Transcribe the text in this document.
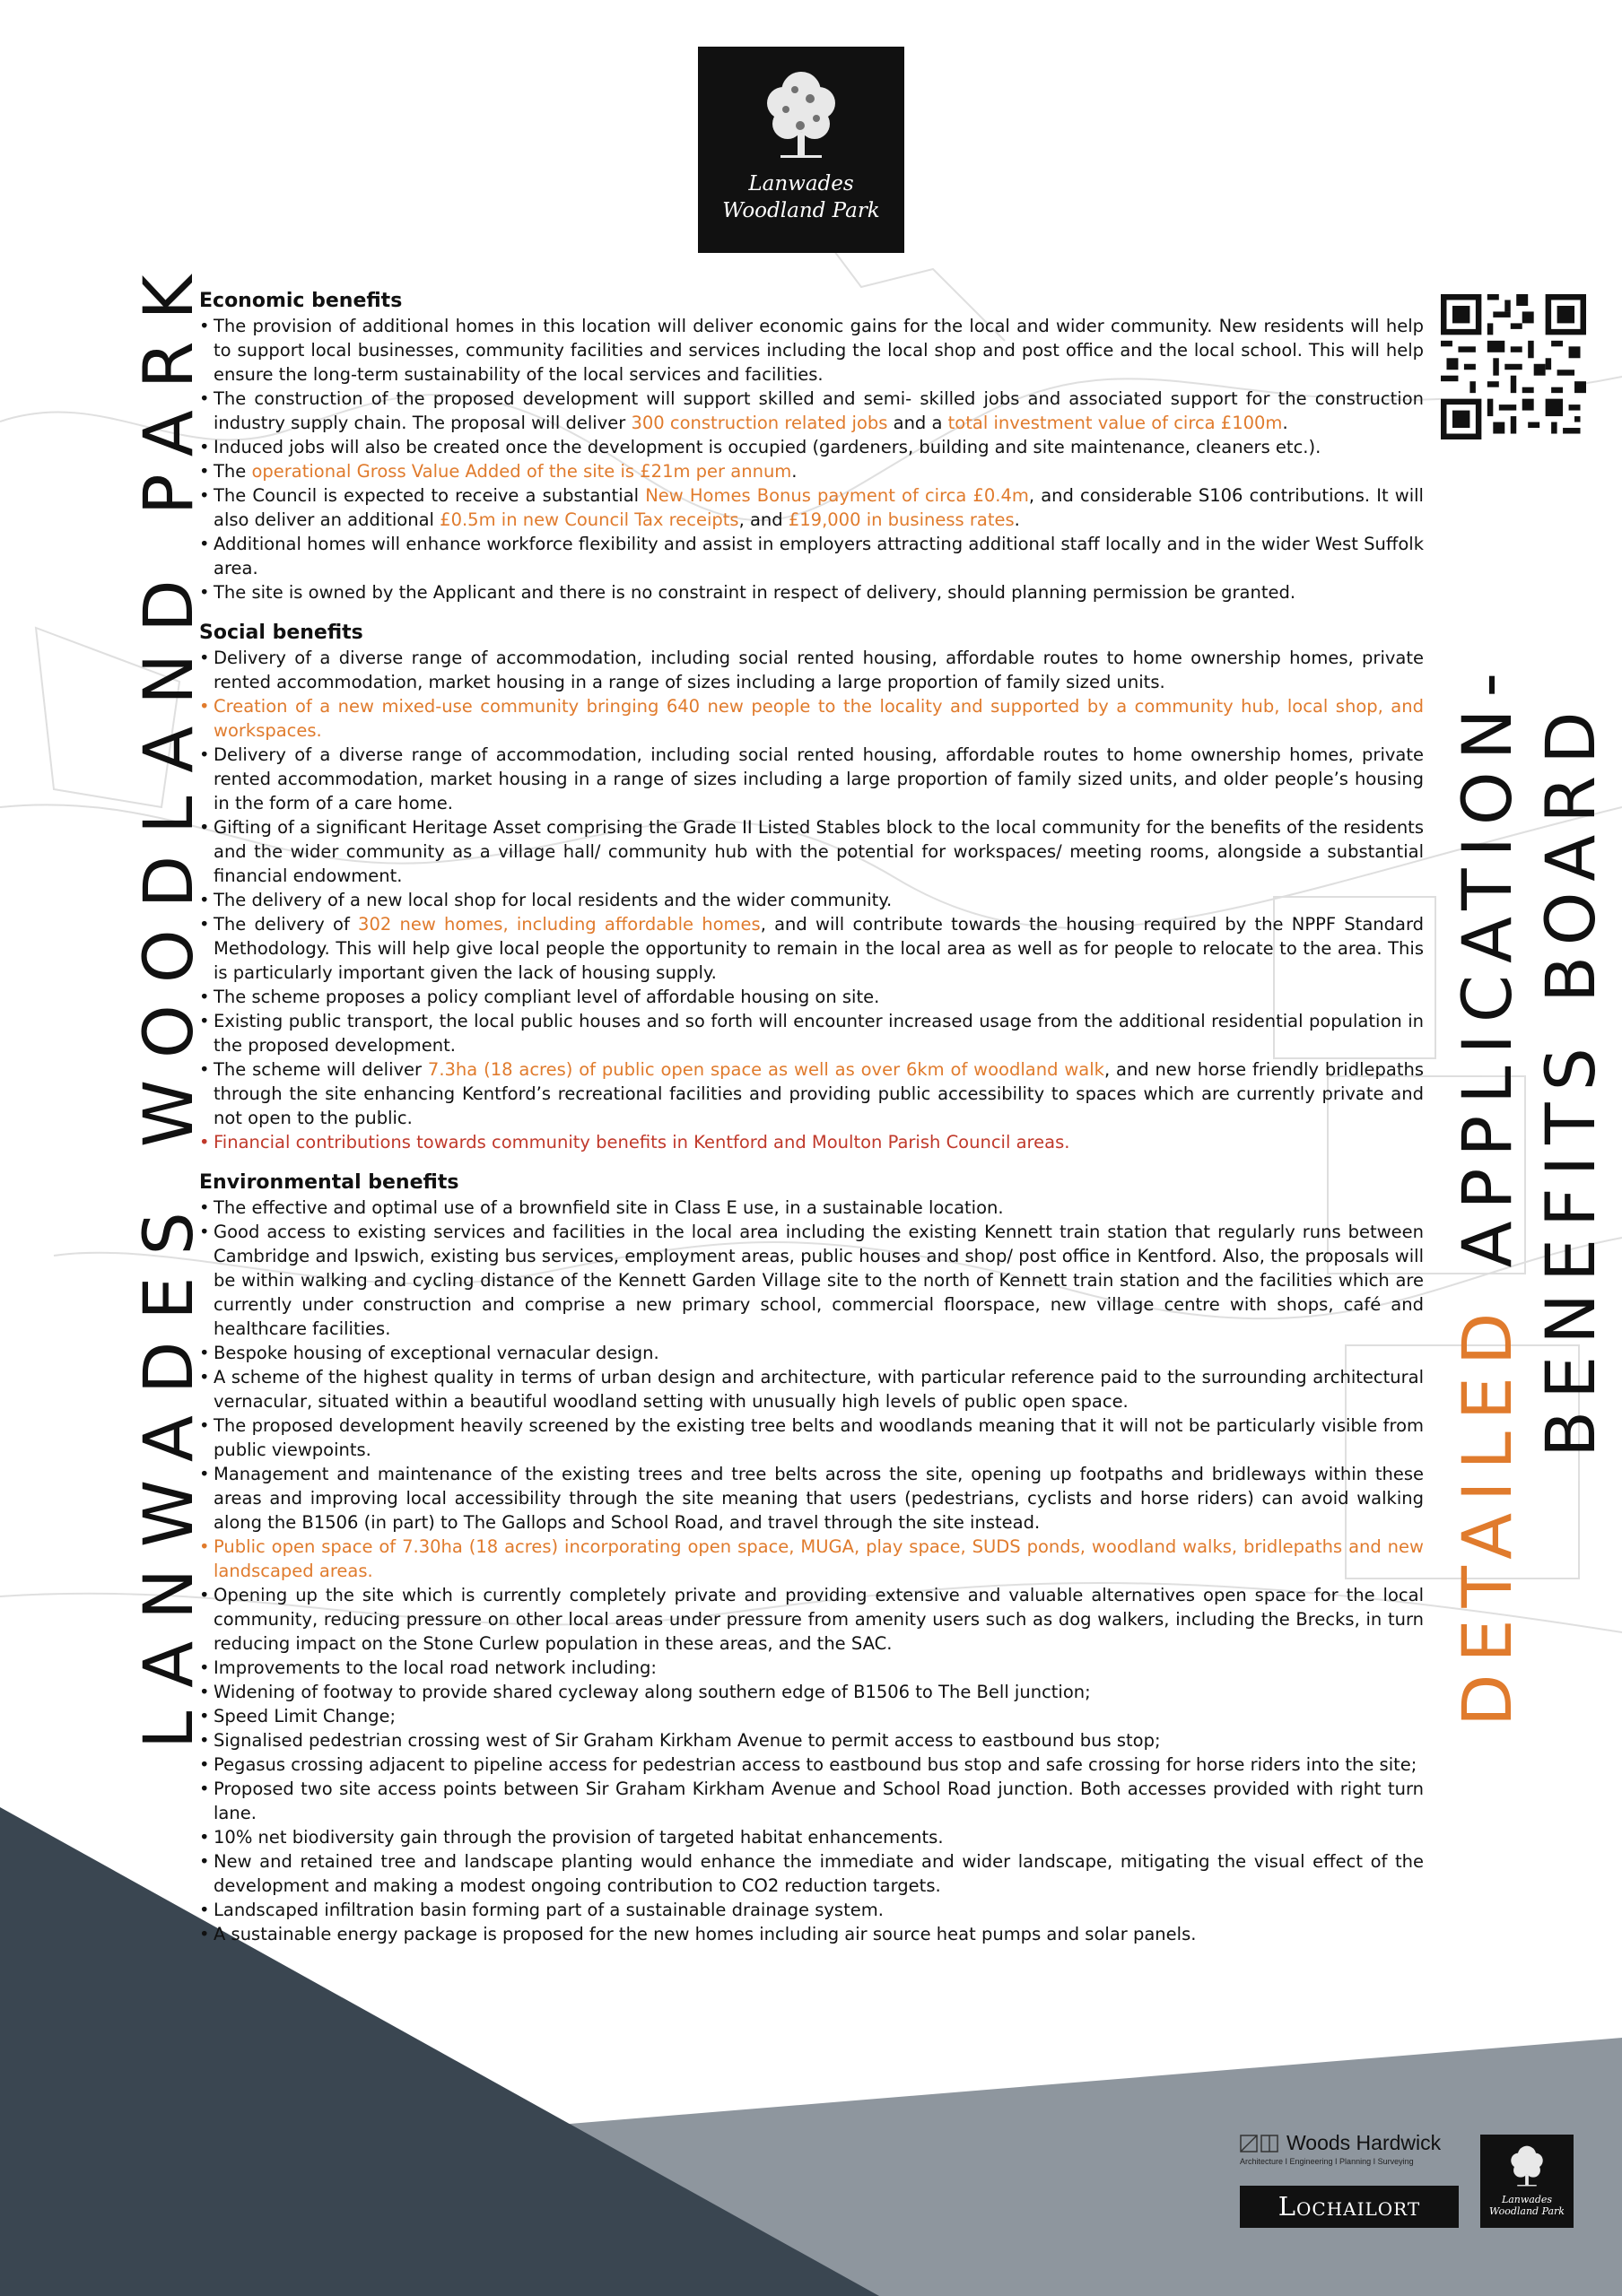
Lanwades
Woodland Park
LANWADES WOODLAND PARK	DETAILED APPLICATION- BENEFITS BOARD
Economic benefits
• The provision of additional homes in this location will deliver economic gains for the local and wider community. New residents will help to support local businesses, community facilities and services including the local shop and post office and the local school. This will help ensure the long-term sustainability of the local services and facilities.
• The construction of the proposed development will support skilled and semi- skilled jobs and associated support for the construction industry supply chain. The proposal will deliver 300 construction related jobs and a total investment value of circa £100m.
• Induced jobs will also be created once the development is occupied (gardeners, building and site maintenance, cleaners etc.).
• The operational Gross Value Added of the site is £21m per annum.
• The Council is expected to receive a substantial New Homes Bonus payment of circa £0.4m, and considerable S106 contributions. It will also deliver an additional £0.5m in new Council Tax receipts, and £19,000 in business rates.
• Additional homes will enhance workforce flexibility and assist in employers attracting additional staff locally and in the wider West Suffolk area.
• The site is owned by the Applicant and there is no constraint in respect of delivery, should planning permission be granted.
Social benefits
• Delivery of a diverse range of accommodation, including social rented housing, affordable routes to home ownership homes, private rented accommodation, market housing in a range of sizes including a large proportion of family sized units.
• Creation of a new mixed-use community bringing 640 new people to the locality and supported by a community hub, local shop, and workspaces.
• Delivery of a diverse range of accommodation, including social rented housing, affordable routes to home ownership homes, private rented accommodation, market housing in a range of sizes including a large proportion of family sized units, and older people’s housing in the form of a care home.
• Gifting of a significant Heritage Asset comprising the Grade II Listed Stables block to the local community for the benefits of the residents and the wider community as a village hall/ community hub with the potential for workspaces/ meeting rooms, alongside a substantial financial endowment.
• The delivery of a new local shop for local residents and the wider community.
• The delivery of 302 new homes, including affordable homes, and will contribute towards the housing required by the NPPF Standard Methodology. This will help give local people the opportunity to remain in the local area as well as for people to relocate to the area. This is particularly important given the lack of housing supply.
• The scheme proposes a policy compliant level of affordable housing on site.
• Existing public transport, the local public houses and so forth will encounter increased usage from the additional residential population in the proposed development.
• The scheme will deliver 7.3ha (18 acres) of public open space as well as over 6km of woodland walk, and new horse friendly bridlepaths through the site enhancing Kentford’s recreational facilities and providing public accessibility to spaces which are currently private and not open to the public.
• Financial contributions towards community benefits in Kentford and Moulton Parish Council areas.
Environmental benefits
• The effective and optimal use of a brownfield site in Class E use, in a sustainable location.
• Good access to existing services and facilities in the local area including the existing Kennett train station that regularly runs between Cambridge and Ipswich, existing bus services, employment areas, public houses and shop/ post office in Kentford. Also, the proposals will be within walking and cycling distance of the Kennett Garden Village site to the north of Kennett train station and the facilities which are currently under construction and comprise a new primary school, commercial floorspace, new village centre with shops, café and healthcare facilities.
• Bespoke housing of exceptional vernacular design.
• A scheme of the highest quality in terms of urban design and architecture, with particular reference paid to the surrounding architectural vernacular, situated within a beautiful woodland setting with unusually high levels of public open space.
• The proposed development heavily screened by the existing tree belts and woodlands meaning that it will not be particularly visible from public viewpoints.
• Management and maintenance of the existing trees and tree belts across the site, opening up footpaths and bridleways within these areas and improving local accessibility through the site meaning that users (pedestrians, cyclists and horse riders) can avoid walking along the B1506 (in part) to The Gallops and School Road, and travel through the site instead.
• Public open space of 7.30ha (18 acres) incorporating open space, MUGA, play space, SUDS ponds, woodland walks, bridlepaths and new landscaped areas.
• Opening up the site which is currently completely private and providing extensive and valuable alternatives open space for the local community, reducing pressure on other local areas under pressure from amenity users such as dog walkers, including the Brecks, in turn reducing impact on the Stone Curlew population in these areas, and the SAC.
• Improvements to the local road network including:
• Widening of footway to provide shared cycleway along southern edge of B1506 to The Bell junction;
• Speed Limit Change;
• Signalised pedestrian crossing west of Sir Graham Kirkham Avenue to permit access to eastbound bus stop;
• Pegasus crossing adjacent to pipeline access for pedestrian access to eastbound bus stop and safe crossing for horse riders into the site;
• Proposed two site access points between Sir Graham Kirkham Avenue and School Road junction. Both accesses provided with right turn lane.
• 10% net biodiversity gain through the provision of targeted habitat enhancements.
• New and retained tree and landscape planting would enhance the immediate and wider landscape, mitigating the visual effect of the development and making a modest ongoing contribution to CO2 reduction targets.
• Landscaped infiltration basin forming part of a sustainable drainage system.
• A sustainable energy package is proposed for the new homes including air source heat pumps and solar panels.
Woods Hardwick
Architecture I Engineering I Planning I Surveying
Lochailort	Lanwades
Woodland Park
